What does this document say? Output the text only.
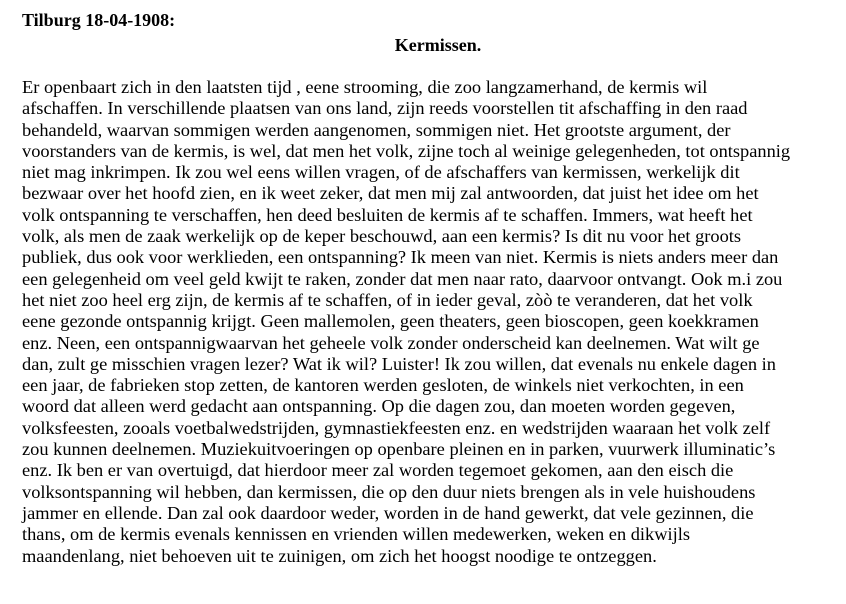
Tilburg 18-04-1908:
Kermissen.
Er openbaart zich in den laatsten tijd , eene strooming, die zoo langzamerhand, de kermis wil
afschaffen. In verschillende plaatsen van ons land, zijn reeds voorstellen tit afschaffing in den raad
behandeld, waarvan sommigen werden aangenomen, sommigen niet. Het grootste argument, der
voorstanders van de kermis, is wel, dat men het volk, zijne toch al weinige gelegenheden, tot ontspannig
niet mag inkrimpen. Ik zou wel eens willen vragen, of de afschaffers van kermissen, werkelijk dit
bezwaar over het hoofd zien, en ik weet zeker, dat men mij zal antwoorden, dat juist het idee om het
volk ontspanning te verschaffen, hen deed besluiten de kermis af te schaffen. Immers, wat heeft het
volk, als men de zaak werkelijk op de keper beschouwd, aan een kermis? Is dit nu voor het groots
publiek, dus ook voor werklieden, een ontspanning? Ik meen van niet. Kermis is niets anders meer dan
een gelegenheid om veel geld kwijt te raken, zonder dat men naar rato, daarvoor ontvangt. Ook m.i zou
het niet zoo heel erg zijn, de kermis af te schaffen, of in ieder geval, zòò te veranderen, dat het volk
eene gezonde ontspannig krijgt. Geen mallemolen, geen theaters, geen bioscopen, geen koekkramen
enz. Neen, een ontspannigwaarvan het geheele volk zonder onderscheid kan deelnemen. Wat wilt ge
dan, zult ge misschien vragen lezer? Wat ik wil? Luister! Ik zou willen, dat evenals nu enkele dagen in
een jaar, de fabrieken stop zetten, de kantoren werden gesloten, de winkels niet verkochten, in een
woord dat alleen werd gedacht aan ontspanning. Op die dagen zou, dan moeten worden gegeven,
volksfeesten, zooals voetbalwedstrijden, gymnastiekfeesten enz. en wedstrijden waaraan het volk zelf
zou kunnen deelnemen. Muziekuitvoeringen op openbare pleinen en in parken, vuurwerk illuminatic’s
enz. Ik ben er van overtuigd, dat hierdoor meer zal worden tegemoet gekomen, aan den eisch die
volksontspanning wil hebben, dan kermissen, die op den duur niets brengen als in vele huishoudens
jammer en ellende. Dan zal ook daardoor weder, worden in de hand gewerkt, dat vele gezinnen, die
thans, om de kermis evenals kennissen en vrienden willen medewerken, weken en dikwijls
maandenlang, niet behoeven uit te zuinigen, om zich het hoogst noodige te ontzeggen.
